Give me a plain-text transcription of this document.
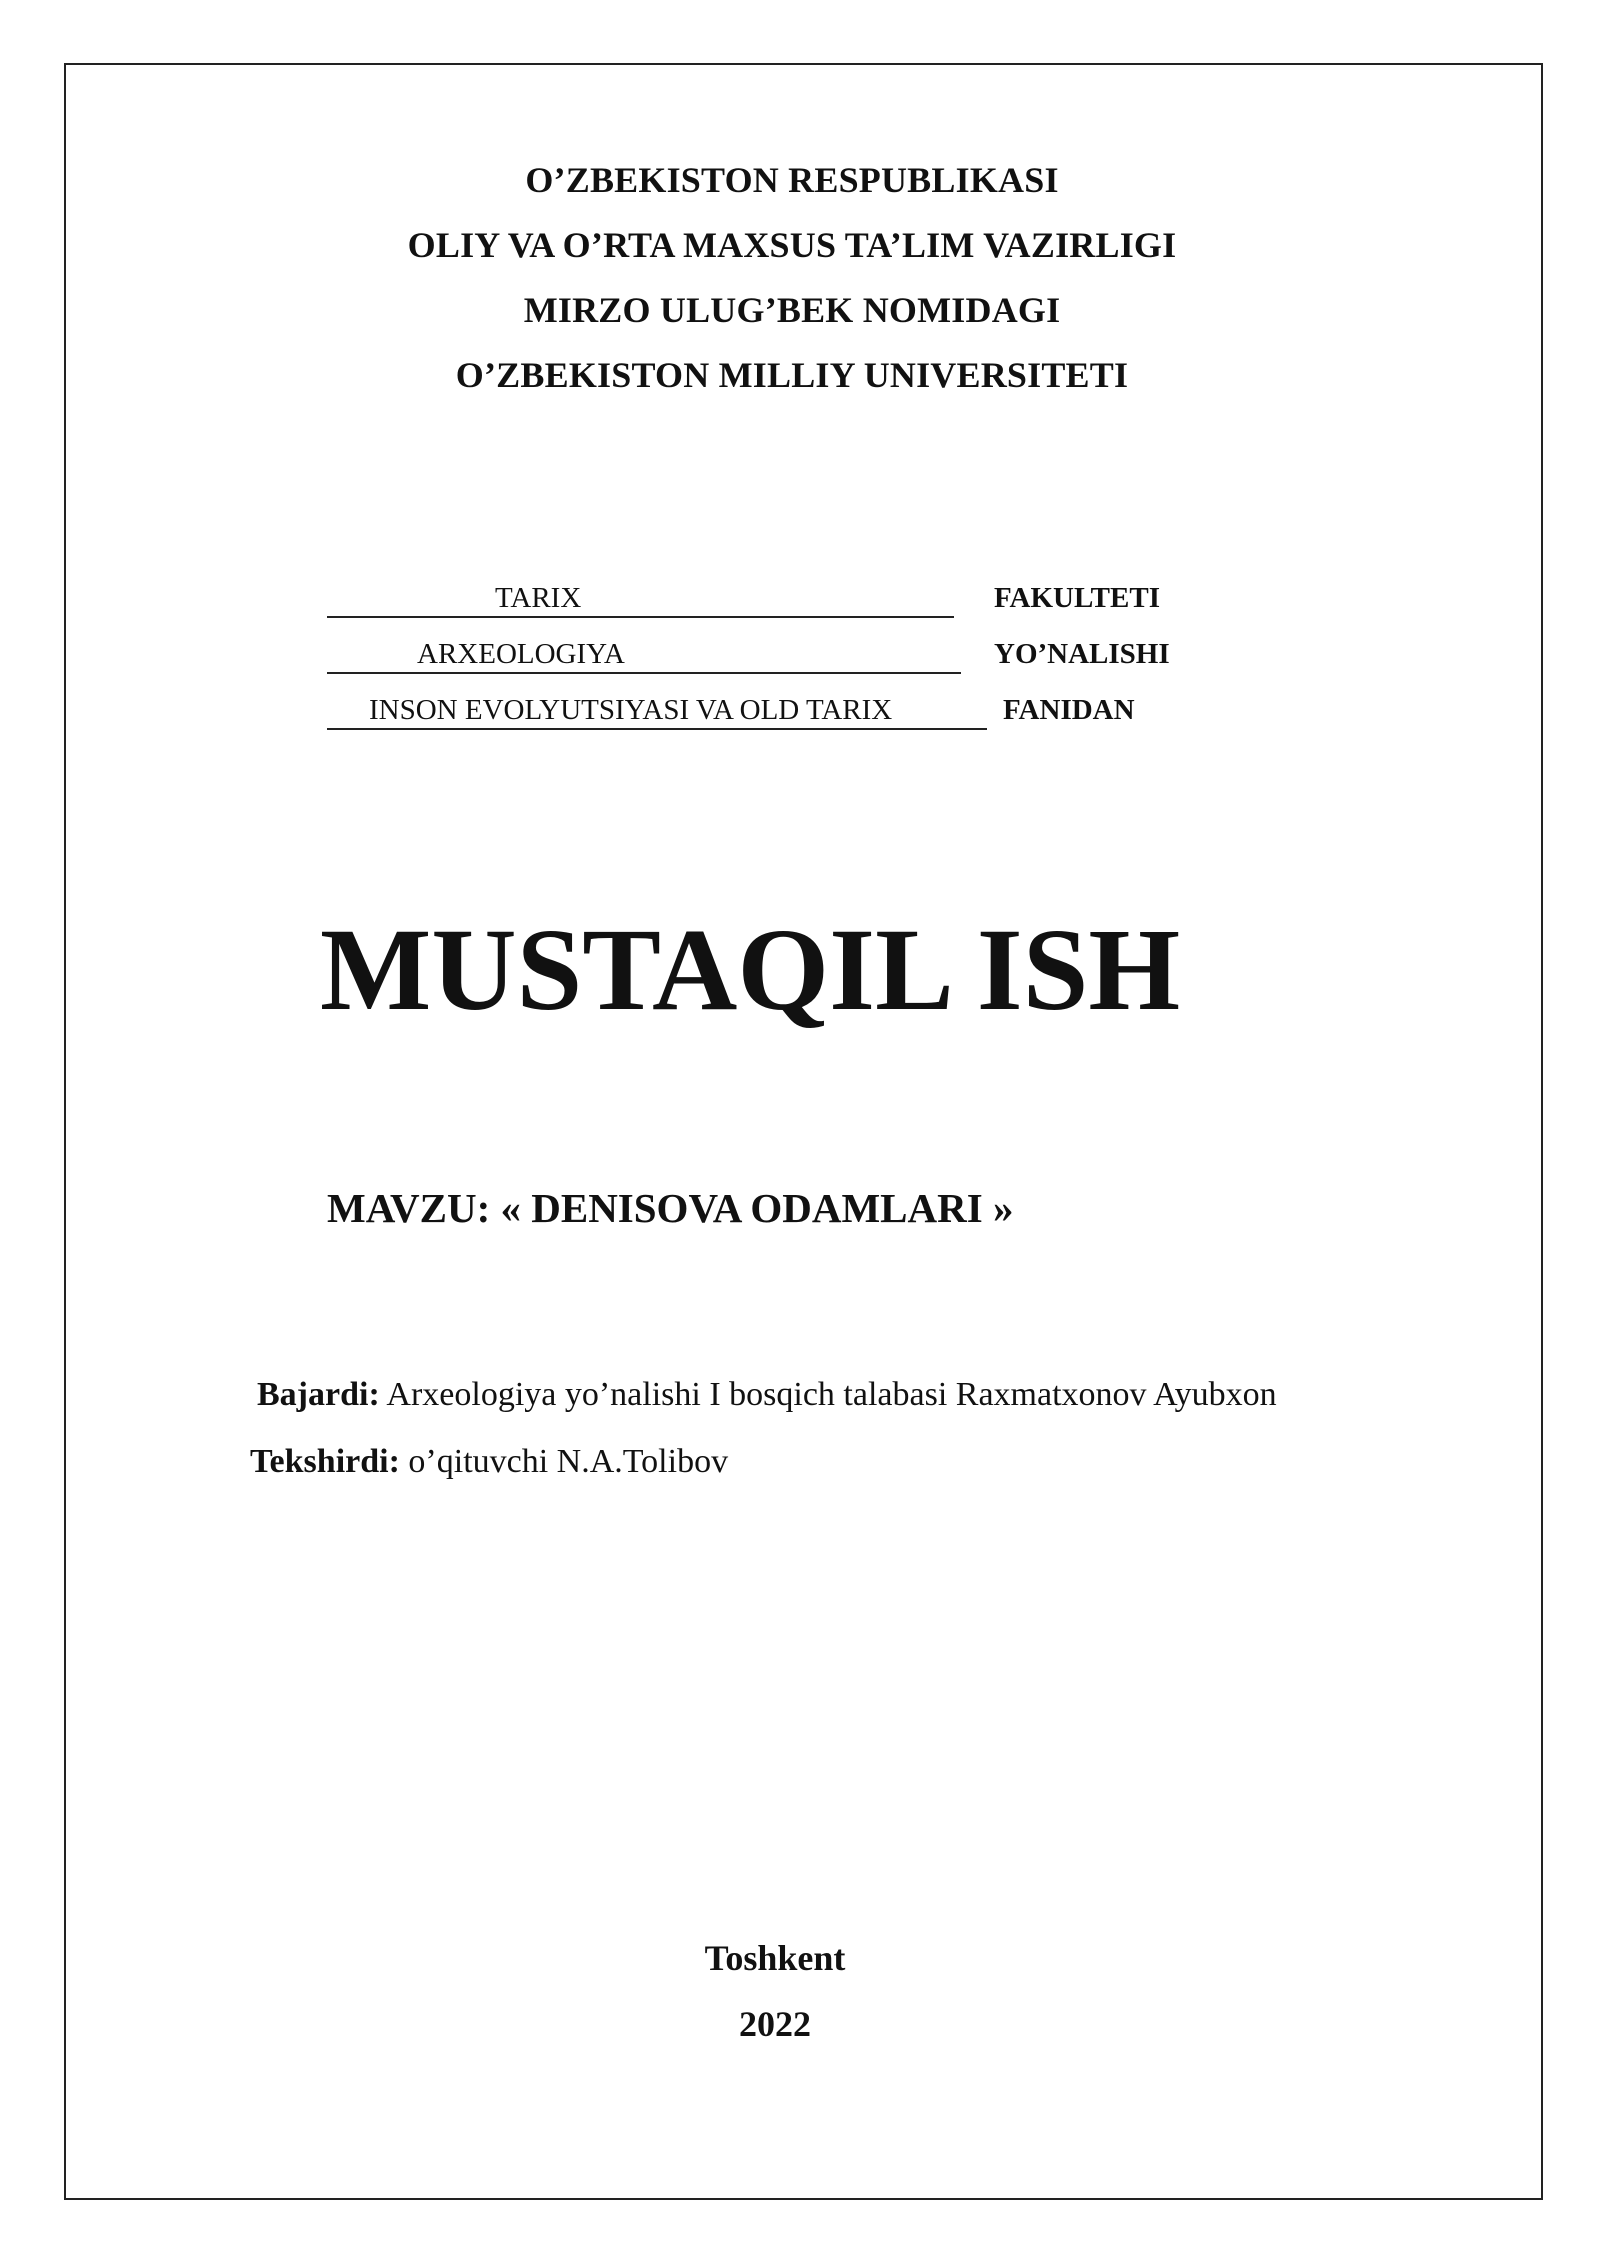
O’ZBEKISTON RESPUBLIKASI
OLIY VA O’RTA MAXSUS TA’LIM VAZIRLIGI
MIRZO ULUG’BEK NOMIDAGI
O’ZBEKISTON MILLIY UNIVERSITETI
TARIX	FAKULTETI
ARXEOLOGIYA	YO’NALISHI
INSON EVOLYUTSIYASI VA OLD TARIX	FANIDAN
MUSTAQIL ISH
MAVZU: « DENISOVA ODAMLARI »
Bajardi: Arxeologiya yo’nalishi I bosqich talabasi Raxmatxonov Ayubxon
Tekshirdi: o’qituvchi N.A.Tolibov
Toshkent
2022
